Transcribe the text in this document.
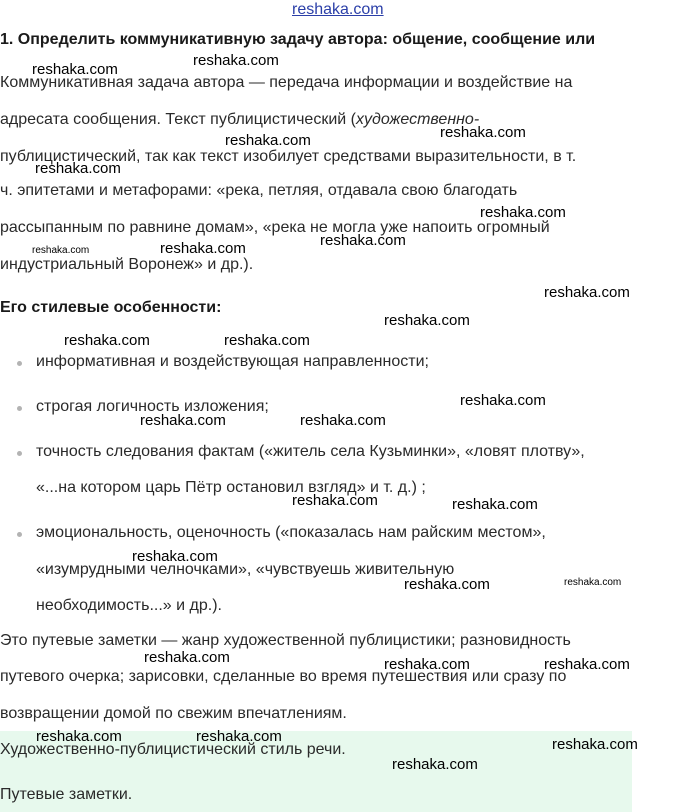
reshaka.com
1. Определить коммуникативную задачу автора: общение, сообщение или
Коммуникативная задача автора — передача информации и воздействие на
адресата сообщения. Текст публицистический (художественно-
публицистический, так как текст изобилует средствами выразительности, в т.
ч. эпитетами и метафорами: «река, петляя, отдавала свою благодать
рассыпанным по равнине домам», «река не могла уже напоить огромный
индустриальный Воронеж» и др.).
Его стилевые особенности:
информативная и воздействующая направленности;
строгая логичность изложения;
точность следования фактам («житель села Кузьминки», «ловят плотву»,
«...на котором царь Пётр остановил взгляд» и т. д.) ;
эмоциональность, оценочность («показалась нам райским местом»,
«изумрудными челночками», «чувствуешь живительную
необходимость...» и др.).
Это путевые заметки — жанр художественной публицистики; разновидность
путевого очерка; зарисовки, сделанные во время путешествия или сразу по
возвращении домой по свежим впечатлениям.
Художественно-публицистический стиль речи.
Путевые заметки.
reshaka.com
reshaka.com
reshaka.com
reshaka.com
reshaka.com
reshaka.com
reshaka.com
reshaka.com	reshaka.com
reshaka.com
reshaka.com
reshaka.com	reshaka.com
reshaka.com
reshaka.com	reshaka.com
reshaka.com	reshaka.com
reshaka.com
reshaka.com	reshaka.com
reshaka.com	reshaka.com	reshaka.com
reshaka.com	reshaka.com	reshaka.com
reshaka.com
